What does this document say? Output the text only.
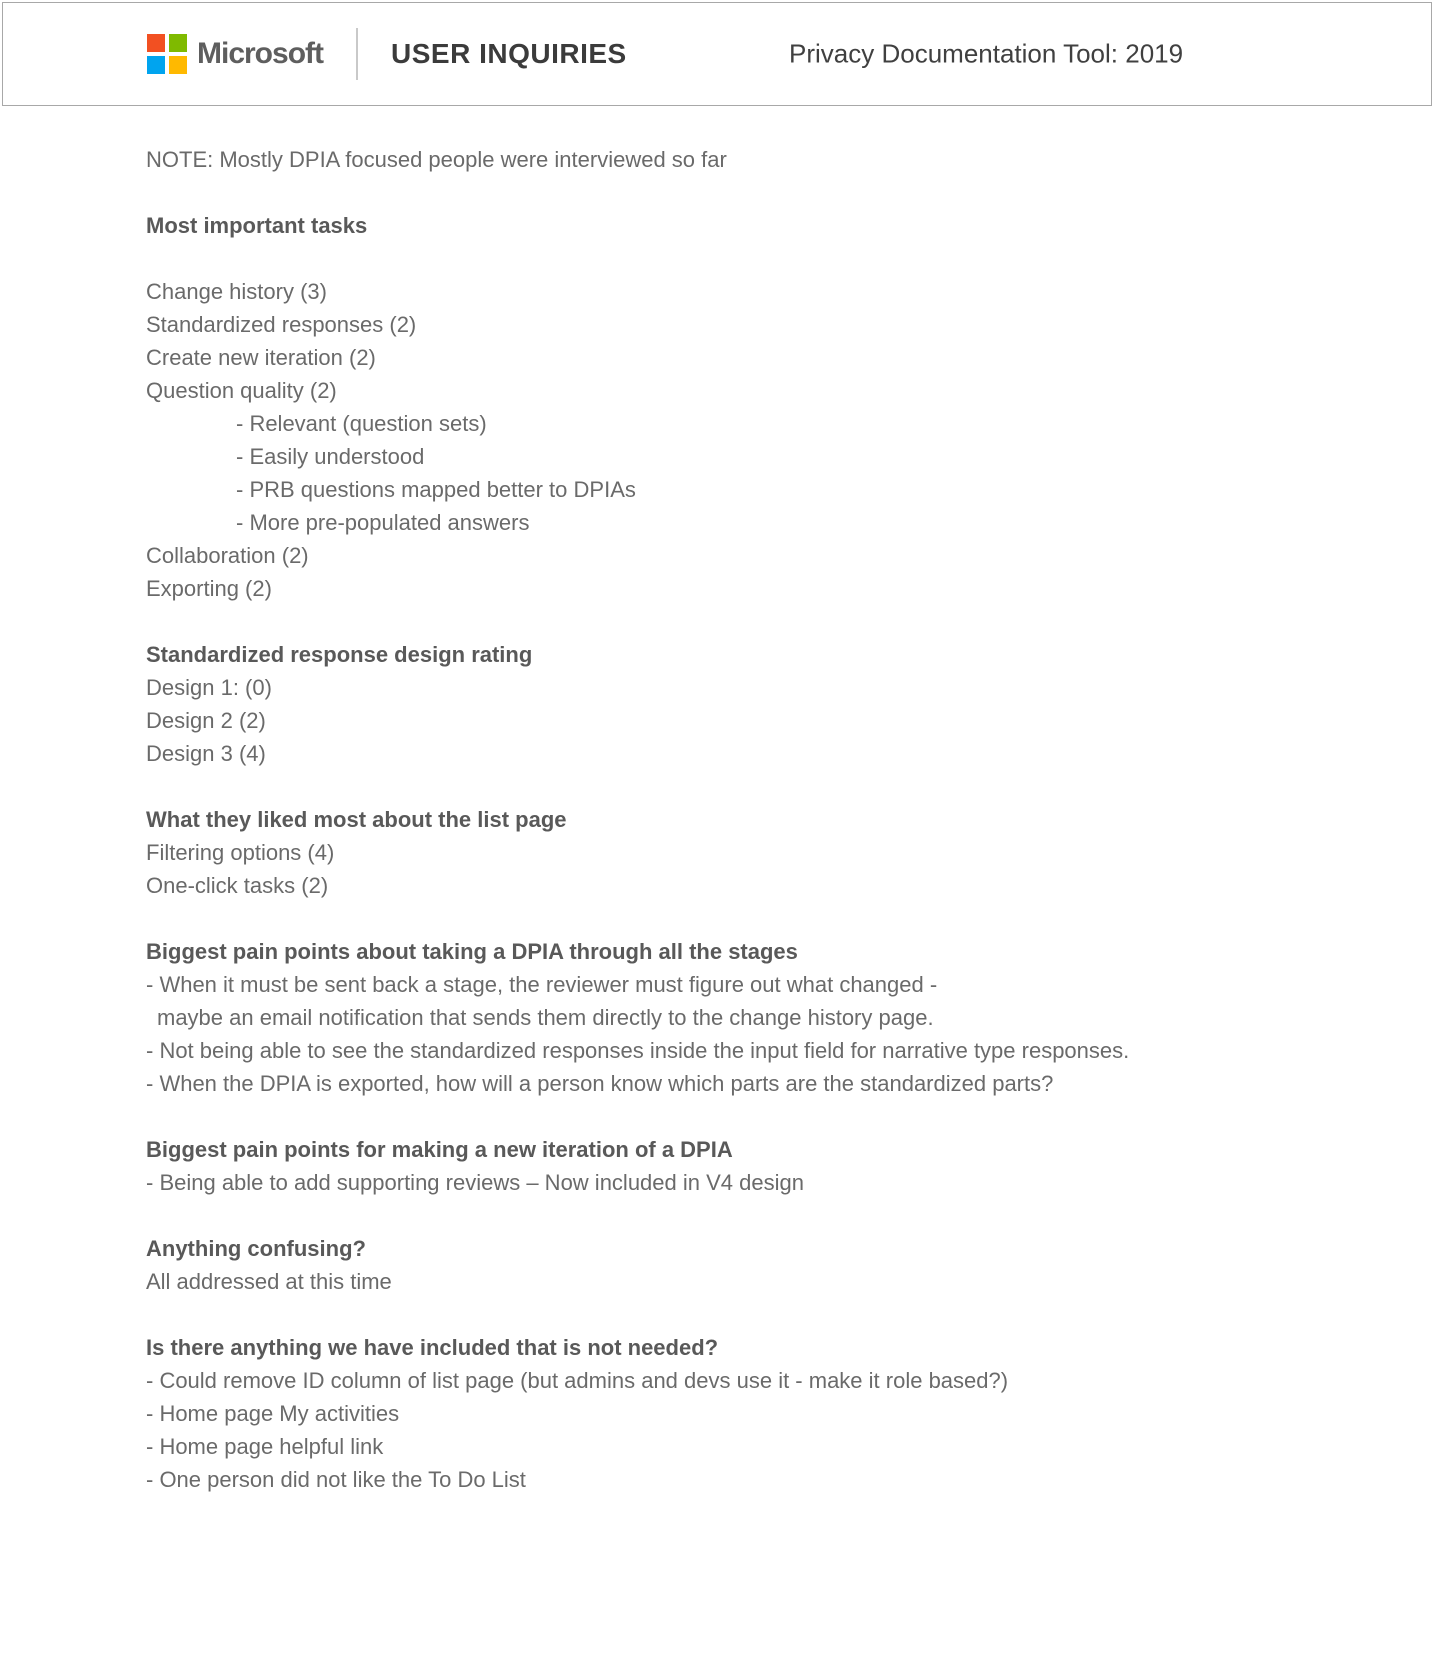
Microsoft USER INQUIRIES	Privacy Documentation Tool: 2019
NOTE: Mostly DPIA focused people were interviewed so far
Most important tasks
Change history (3)
Standardized responses (2)
Create new iteration (2)
Question quality (2)
- Relevant (question sets)
- Easily understood
- PRB questions mapped better to DPIAs
- More pre-populated answers
Collaboration (2)
Exporting (2)
Standardized response design rating
Design 1: (0)
Design 2 (2)
Design 3 (4)
What they liked most about the list page
Filtering options (4)
One-click tasks (2)
Biggest pain points about taking a DPIA through all the stages
- When it must be sent back a stage, the reviewer must figure out what changed -
maybe an email notification that sends them directly to the change history page.
- Not being able to see the standardized responses inside the input field for narrative type responses.
- When the DPIA is exported, how will a person know which parts are the standardized parts?
Biggest pain points for making a new iteration of a DPIA
- Being able to add supporting reviews – Now included in V4 design
Anything confusing?
All addressed at this time
Is there anything we have included that is not needed?
- Could remove ID column of list page (but admins and devs use it - make it role based?)
- Home page My activities
- Home page helpful link
- One person did not like the To Do List
